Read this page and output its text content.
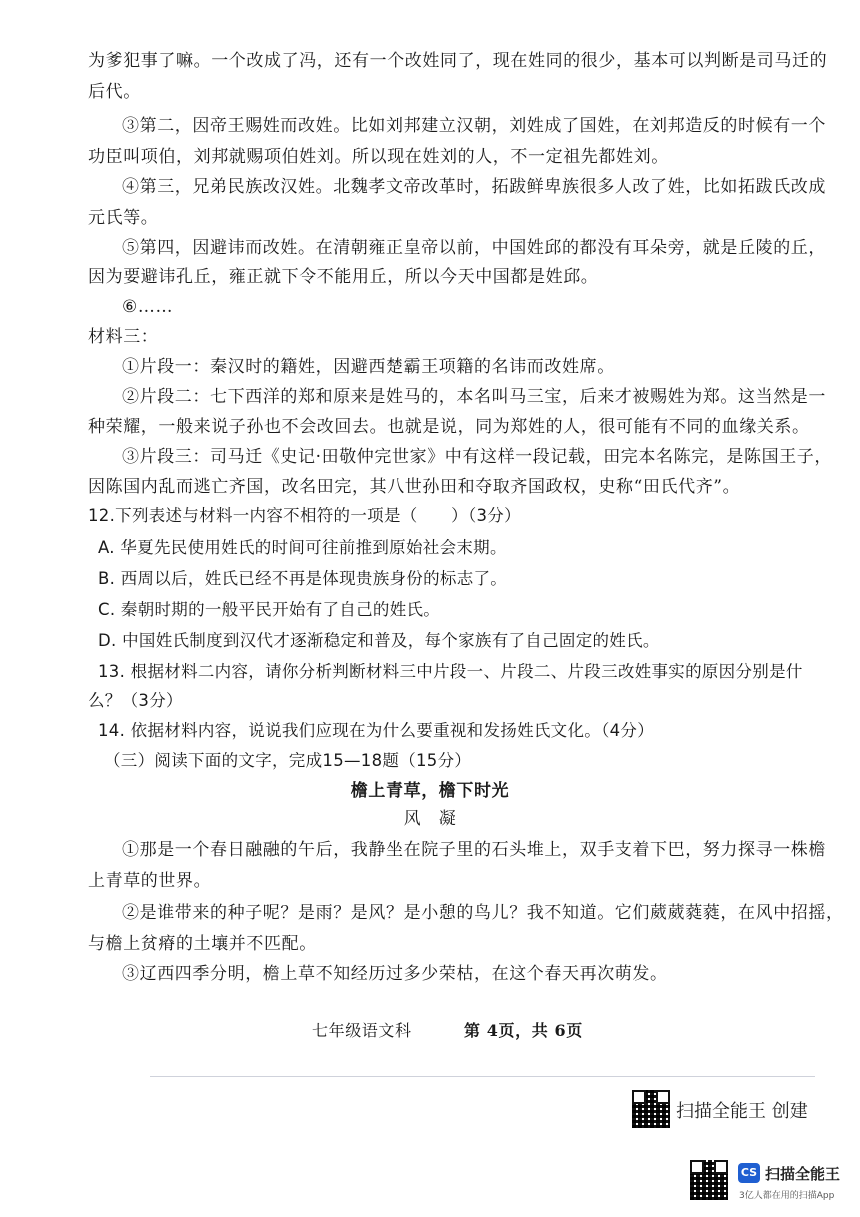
为爹犯事了嘛。一个改成了冯，还有一个改姓同了，现在姓同的很少，基本可以判断是司马迁的
后代。
③第二，因帝王赐姓而改姓。比如刘邦建立汉朝，刘姓成了国姓，在刘邦造反的时候有一个
功臣叫项伯，刘邦就赐项伯姓刘。所以现在姓刘的人，不一定祖先都姓刘。
④第三，兄弟民族改汉姓。北魏孝文帝改革时，拓跋鲜卑族很多人改了姓，比如拓跋氏改成
元氏等。
⑤第四，因避讳而改姓。在清朝雍正皇帝以前，中国姓邱的都没有耳朵旁，就是丘陵的丘，
因为要避讳孔丘，雍正就下令不能用丘，所以今天中国都是姓邱。
⑥……
材料三：
①片段一：秦汉时的籍姓，因避西楚霸王项籍的名讳而改姓席。
②片段二：七下西洋的郑和原来是姓马的，本名叫马三宝，后来才被赐姓为郑。这当然是一
种荣耀，一般来说子孙也不会改回去。也就是说，同为郑姓的人，很可能有不同的血缘关系。
③片段三：司马迁《史记·田敬仲完世家》中有这样一段记载，田完本名陈完，是陈国王子，
因陈国内乱而逃亡齐国，改名田完，其八世孙田和夺取齐国政权，史称“田氏代齐”。
12.下列表述与材料一内容不相符的一项是（　　）（3分）
A. 华夏先民使用姓氏的时间可往前推到原始社会末期。
B. 西周以后，姓氏已经不再是体现贵族身份的标志了。
C. 秦朝时期的一般平民开始有了自己的姓氏。
D. 中国姓氏制度到汉代才逐渐稳定和普及，每个家族有了自己固定的姓氏。
13. 根据材料二内容，请你分析判断材料三中片段一、片段二、片段三改姓事实的原因分别是什
么？（3分）
14. 依据材料内容，说说我们应现在为什么要重视和发扬姓氏文化。（4分）
（三）阅读下面的文字，完成15—18题（15分）
檐上青草，檐下时光
风　凝
①那是一个春日融融的午后，我静坐在院子里的石头堆上，双手支着下巴，努力探寻一株檐
上青草的世界。
②是谁带来的种子呢？是雨？是风？是小憩的鸟儿？我不知道。它们葳葳蕤蕤，在风中招摇，
与檐上贫瘠的土壤并不匹配。
③辽西四季分明，檐上草不知经历过多少荣枯，在这个春天再次萌发。
七年级语文科	第 4页，共 6页
扫描全能王 创建
CS 扫描全能王
3亿人都在用的扫描App
